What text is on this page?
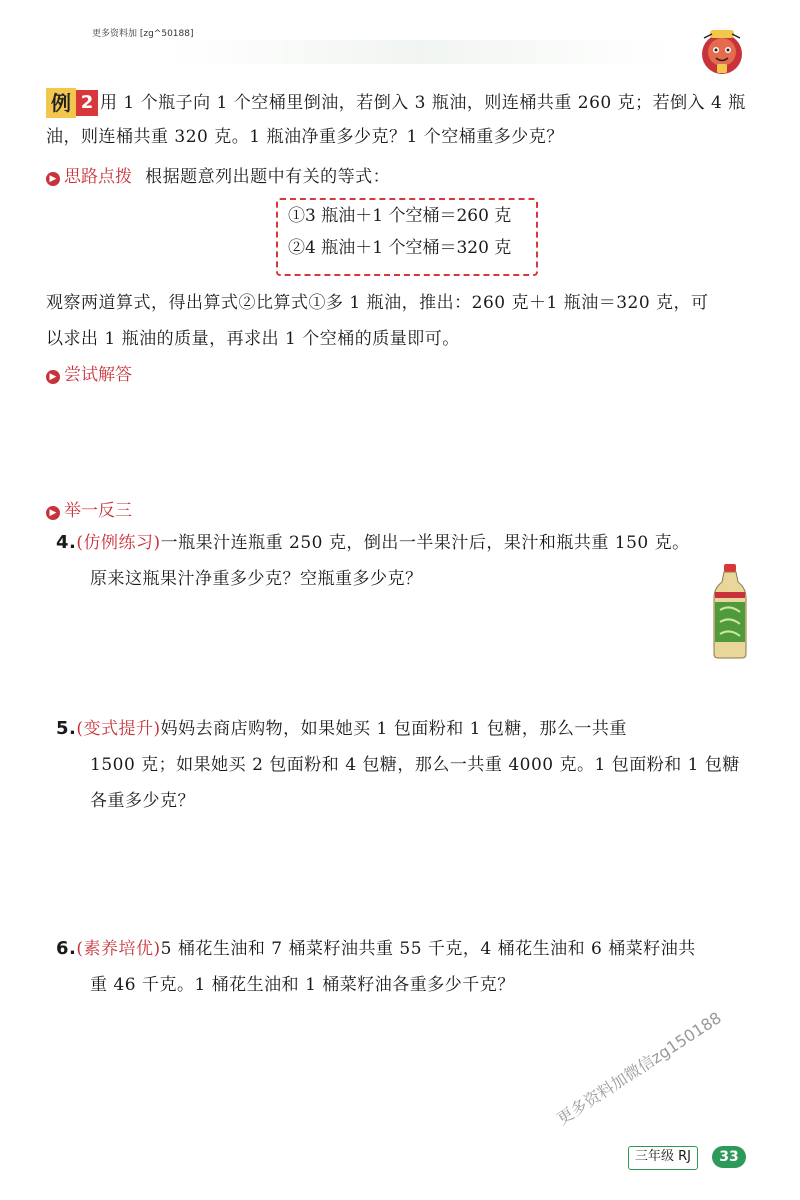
更多资料加 [zg^50188]
例 2 用 1 个瓶子向 1 个空桶里倒油，若倒入 3 瓶油，则连桶共重 260 克；若倒入 4 瓶
油，则连桶共重 320 克。1 瓶油净重多少克？1 个空桶重多少克？
▶ 思路点拨 根据题意列出题中有关的等式：
①3 瓶油＋1 个空桶＝260 克
②4 瓶油＋1 个空桶＝320 克
观察两道算式，得出算式②比算式①多 1 瓶油，推出：260 克＋1 瓶油＝320 克，可
以求出 1 瓶油的质量，再求出 1 个空桶的质量即可。
▶ 尝试解答
▶ 举一反三
4.(仿例练习)一瓶果汁连瓶重 250 克，倒出一半果汁后，果汁和瓶共重 150 克。
原来这瓶果汁净重多少克？空瓶重多少克？
5.(变式提升)妈妈去商店购物，如果她买 1 包面粉和 1 包糖，那么一共重
1500 克；如果她买 2 包面粉和 4 包糖，那么一共重 4000 克。1 包面粉和 1 包糖
各重多少克？
6.(素养培优)5 桶花生油和 7 桶菜籽油共重 55 千克，4 桶花生油和 6 桶菜籽油共
重 46 千克。1 桶花生油和 1 桶菜籽油各重多少千克？
更多资料加微信zg150188
三年级 RJ	33
